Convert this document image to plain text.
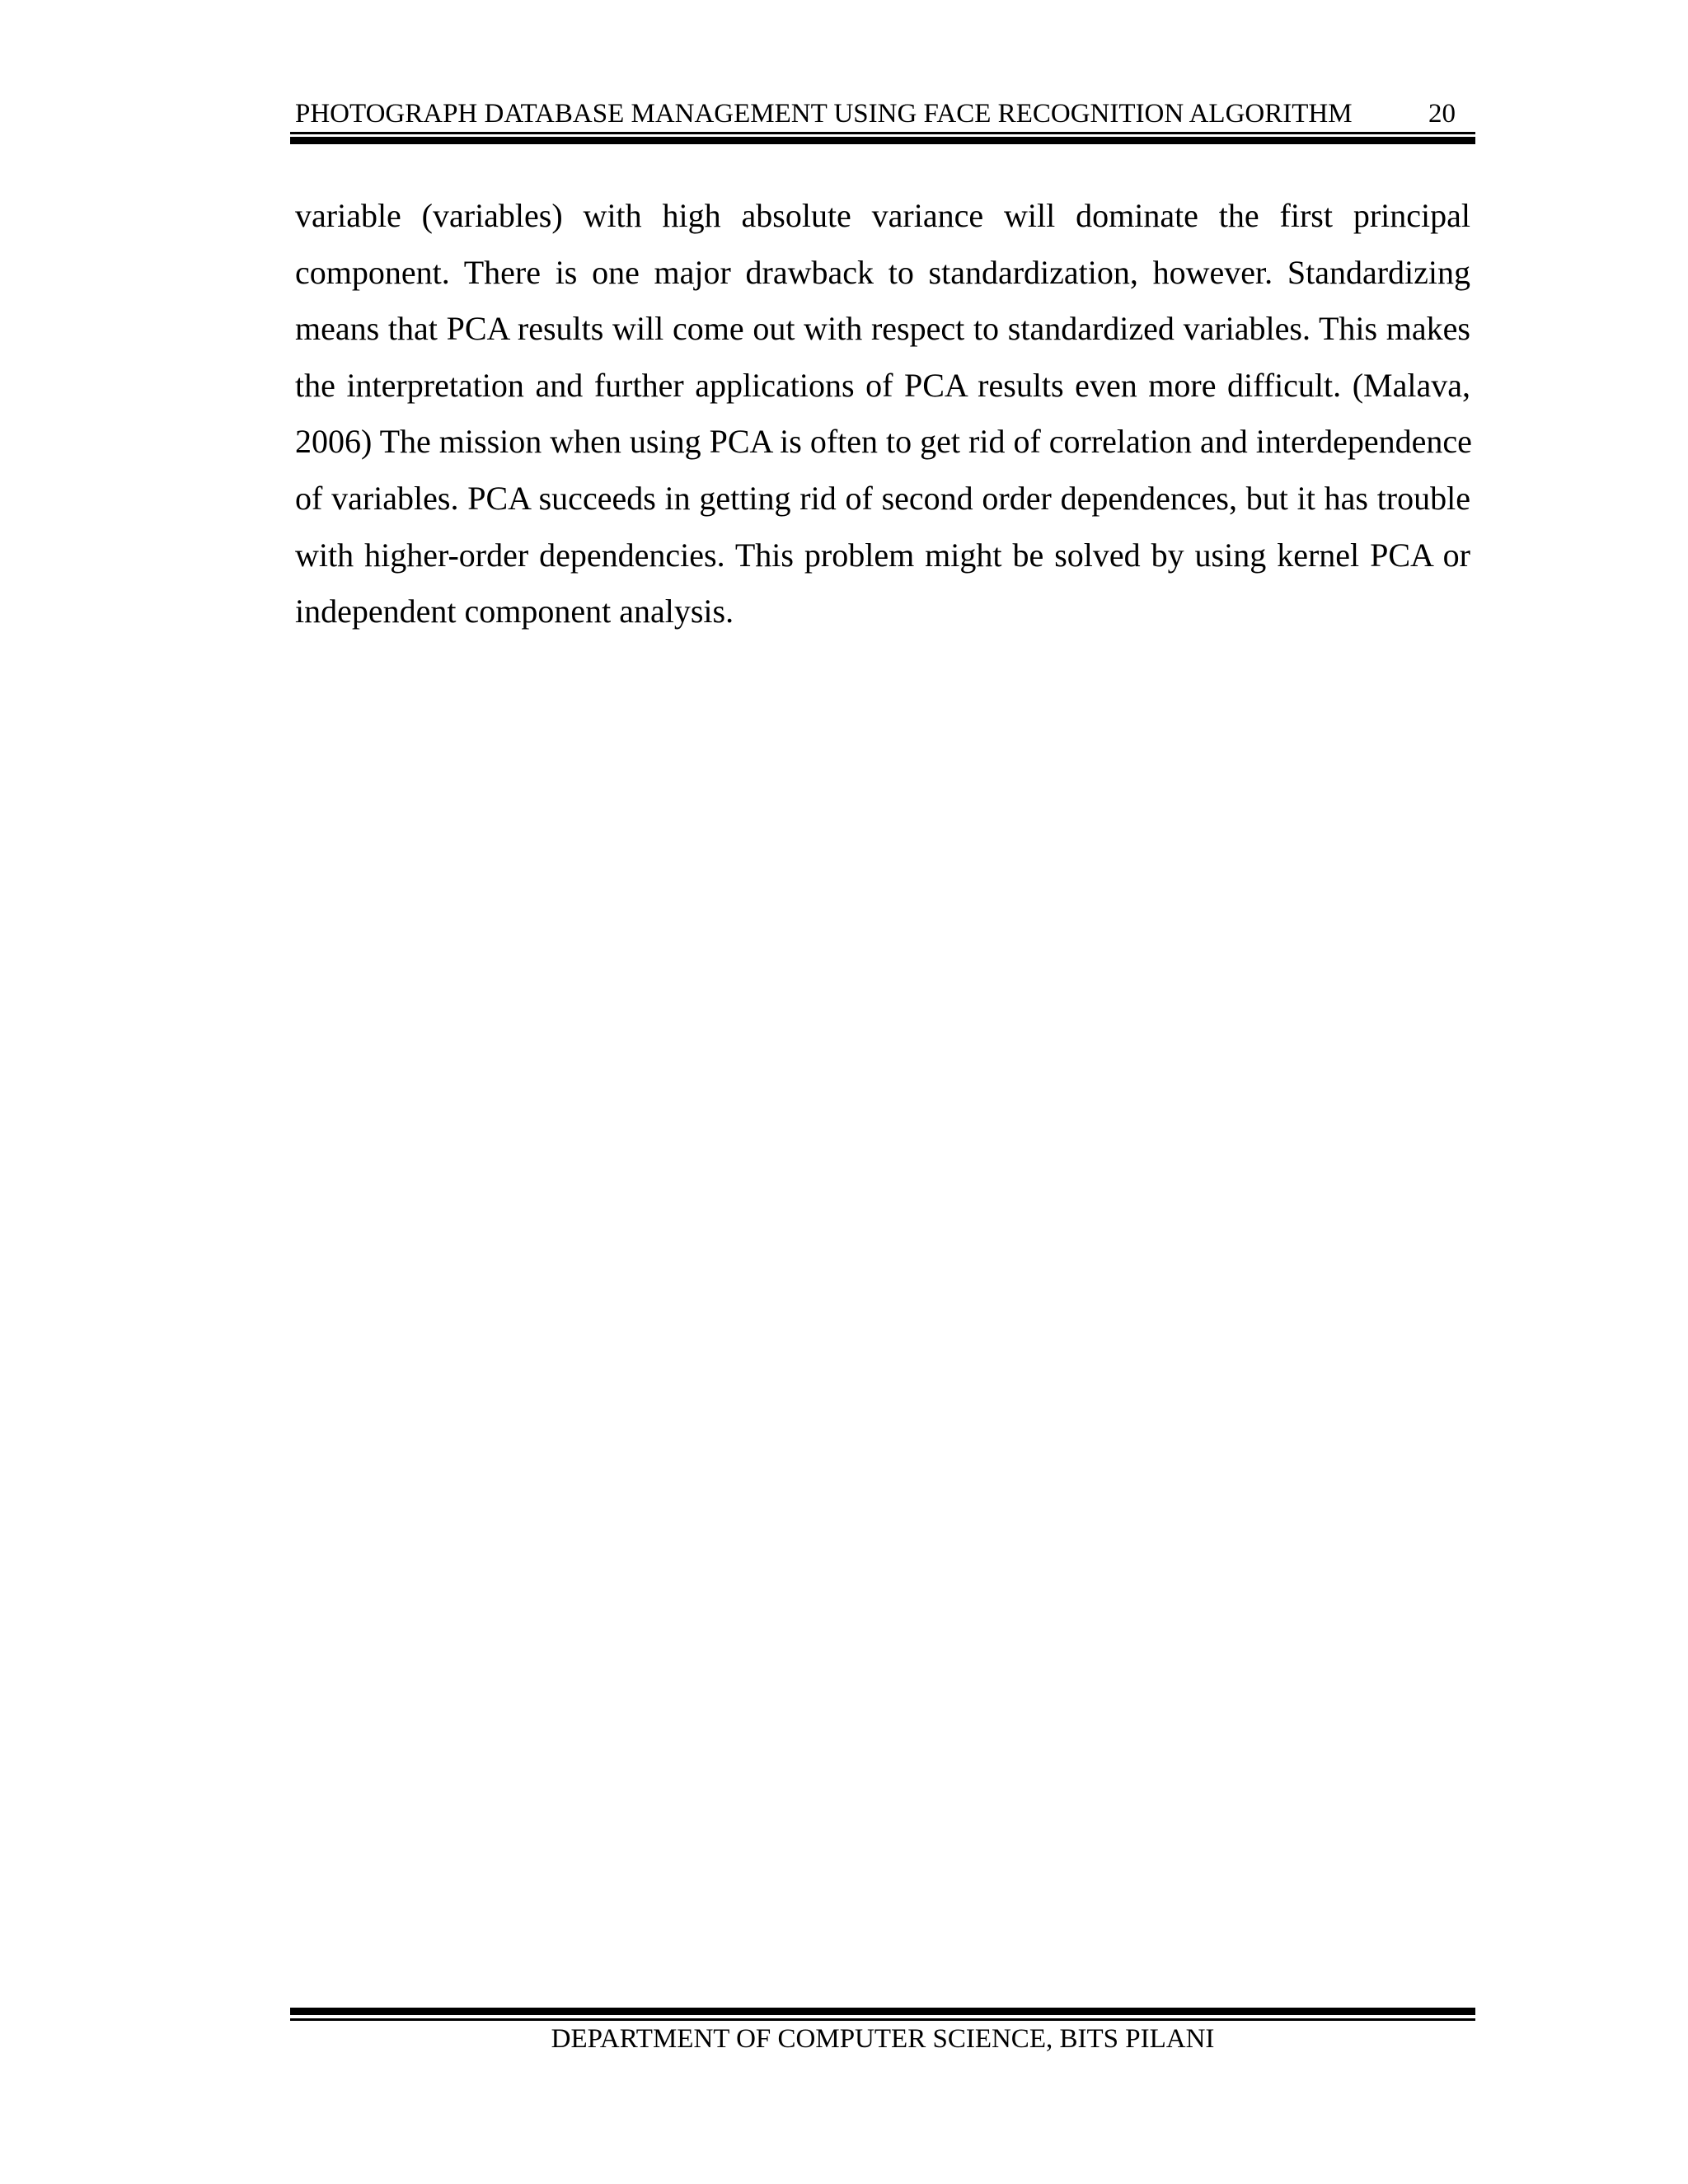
PHOTOGRAPH DATABASE MANAGEMENT USING FACE RECOGNITION ALGORITHM	20
variable (variables) with high absolute variance will dominate the first principal
component. There is one major drawback to standardization, however. Standardizing
means that PCA results will come out with respect to standardized variables. This makes
the interpretation and further applications of PCA results even more difficult. (Malava,
2006) The mission when using PCA is often to get rid of correlation and interdependence
of variables. PCA succeeds in getting rid of second order dependences, but it has trouble
with higher-order dependencies. This problem might be solved by using kernel PCA or
independent component analysis.
DEPARTMENT OF COMPUTER SCIENCE, BITS PILANI
